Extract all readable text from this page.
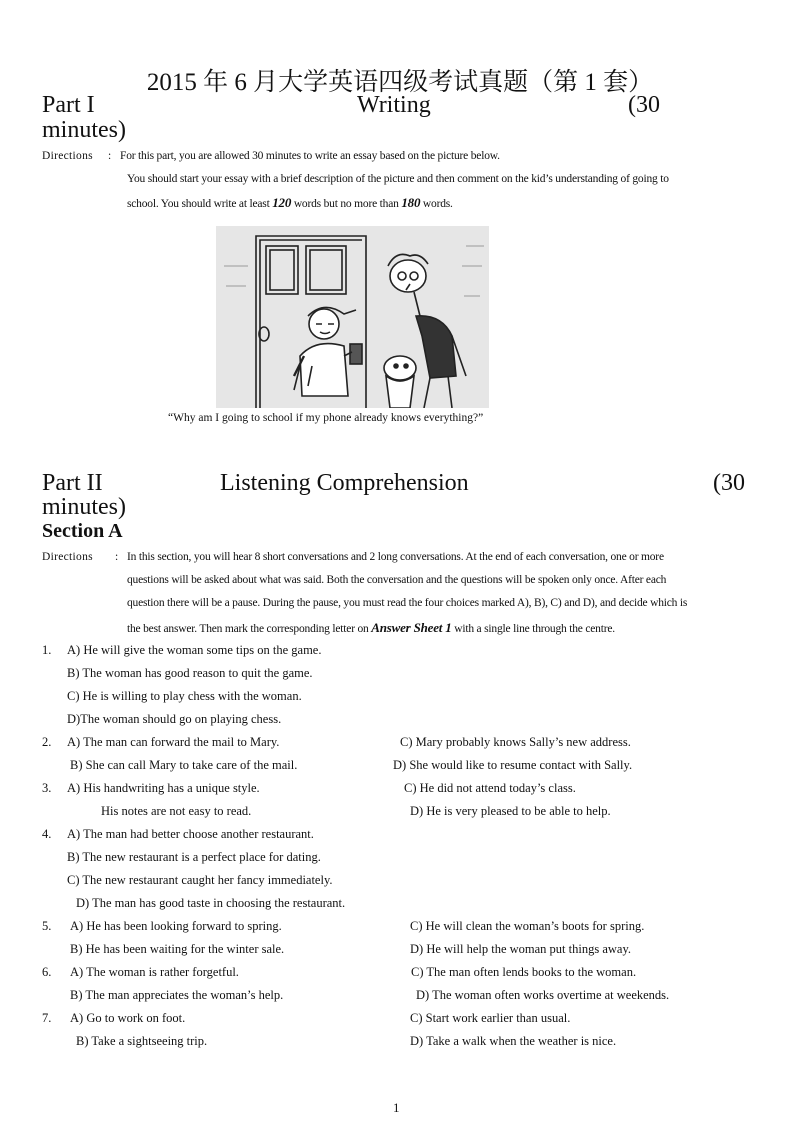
2015 年 6 月大学英语四级考试真题（第 1 套）
Part I	Writing	(30
minutes)
Directions : For this part, you are allowed 30 minutes to write an essay based on the picture below.
You should start your essay with a brief description of the picture and then comment on the kid’s understanding of going to
school. You should write at least 120 words but no more than 180 words.
“Why am I going to school if my phone already knows everything?”
Part II	Listening Comprehension	(30
minutes)
Section A
Directions : In this section, you will hear 8 short conversations and 2 long conversations. At the end of each conversation, one or more
questions will be asked about what was said. Both the conversation and the questions will be spoken only once. After each
question there will be a pause. During the pause, you must read the four choices marked A), B), C) and D), and decide which is
the best answer. Then mark the corresponding letter on Answer Sheet 1 with a single line through the centre.
1. A) He will give the woman some tips on the game.
B) The woman has good reason to quit the game.
C) He is willing to play chess with the woman.
D)The woman should go on playing chess.
2. A) The man can forward the mail to Mary.	C) Mary probably knows Sally’s new address.
B) She can call Mary to take care of the mail.	D) She would like to resume contact with Sally.
3. A) His handwriting has a unique style.	C) He did not attend today’s class.
His notes are not easy to read.	D) He is very pleased to be able to help.
4. A) The man had better choose another restaurant.
B) The new restaurant is a perfect place for dating.
C) The new restaurant caught her fancy immediately.
D) The man has good taste in choosing the restaurant.
5. A) He has been looking forward to spring.	C) He will clean the woman’s boots for spring.
B) He has been waiting for the winter sale.	D) He will help the woman put things away.
6. A) The woman is rather forgetful.	C) The man often lends books to the woman.
B) The man appreciates the woman’s help.	D) The woman often works overtime at weekends.
7. A) Go to work on foot.	C) Start work earlier than usual.
B) Take a sightseeing trip.	D) Take a walk when the weather is nice.
1
